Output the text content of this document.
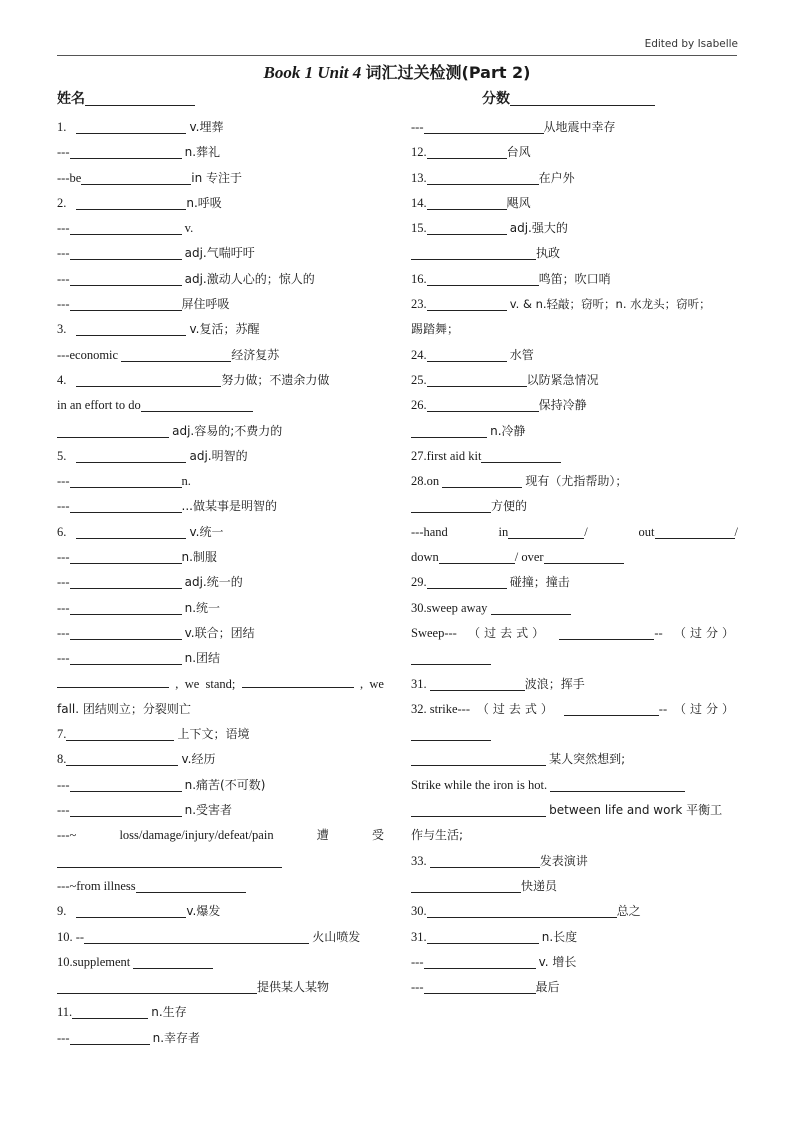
Edited by Isabelle
Book 1 Unit 4 词汇过关检测(Part 2)
姓名	分数
1.	v.埋葬
---	n.葬礼
---be	in 专注于
2.	n.呼吸
---	v.
---	adj.气喘吁吁
---	adj.激动人心的；惊人的
---	屏住呼吸
3.	v.复活；苏醒
---economic	经济复苏
4.	努力做；不遗余力做
in an effort to do
adj.容易的;不费力的
5.	adj.明智的
---	n.
---	...做某事是明智的
6.	v.统一
---	n.制服
---	adj.统一的
---	n.统一
---	v.联合；团结
---	n.团结
, we stand;	, we
fall. 团结则立；分裂则亡
7.	上下文；语境
8.	v.经历
---	n.痛苦(不可数)
---	n.受害者
---~	loss/damage/injury/defeat/pain	遭	受
---~from illness
9.	v.爆发
10. --	火山喷发
10.supplement
提供某人某物
11.	n.生存
---	n.幸存者
---	从地震中幸存
12.	台风
13.	在户外
14.	飓风
15.	adj.强大的
执政
16.	鸣笛；吹口哨
23.	v. & n.轻敲；窃听；n. 水龙头；窃听；
踢踏舞；
24.	水管
25.	以防紧急情况
26.	保持冷静
n.冷静
27.first aid kit
28.on	现有（尤指帮助）；
方便的
---hand	in	/	out	/
down	/ over
29.	碰撞；撞击
30.sweep away
Sweep--- （过去式）	-- （过分）
31.	波浪；挥手
32. strike--- （过去式）	-- （过分）
某人突然想到;
Strike while the iron is hot.
between life and work 平衡工
作与生活;
33.	发表演讲
快递员
30.	总之
31.	n.长度
---	v. 增长
---	最后
